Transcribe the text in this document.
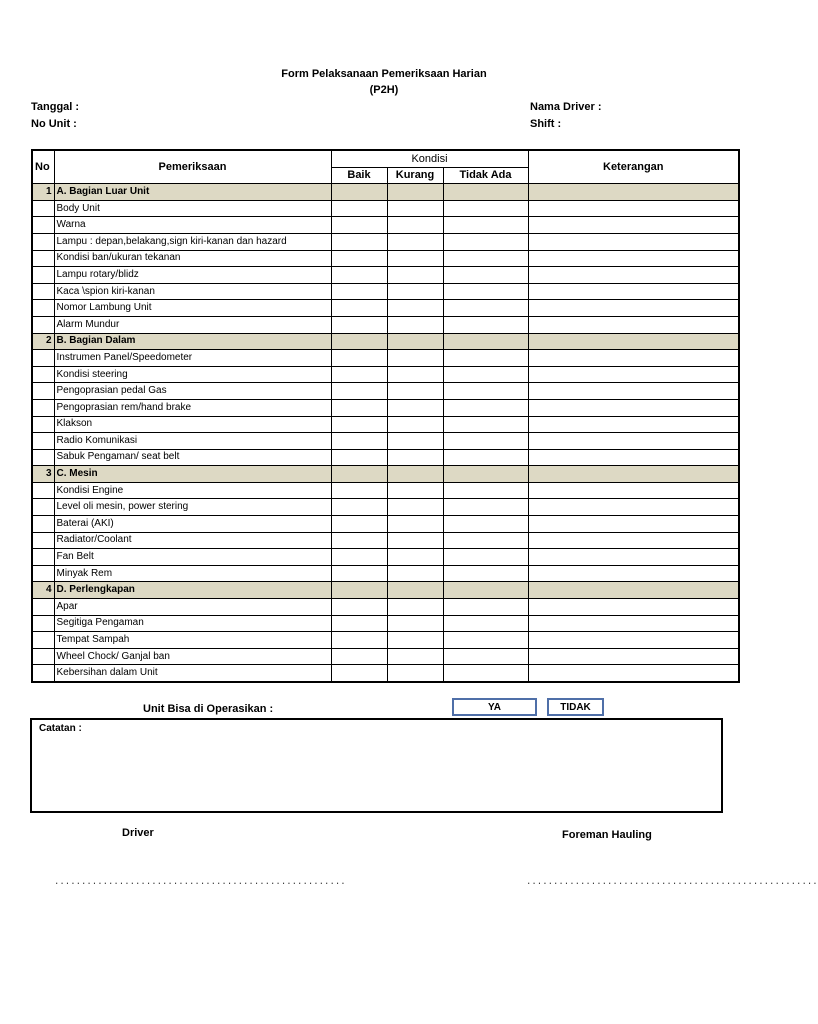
Form Pelaksanaan Pemeriksaan Harian
(P2H)
Tanggal :
No Unit :
Nama Driver :
Shift :
No	Pemeriksaan	Kondisi			Keterangan
		Baik	Kurang	Tidak Ada	
1	A. Bagian Luar Unit				
	Body Unit				
	Warna				
	Lampu : depan,belakang,sign kiri-kanan dan hazard				
	Kondisi ban/ukuran tekanan				
	Lampu rotary/blidz				
	Kaca \spion kiri-kanan				
	Nomor Lambung Unit				
	Alarm Mundur				
2	B. Bagian Dalam				
	Instrumen Panel/Speedometer				
	Kondisi steering				
	Pengoprasian pedal Gas				
	Pengoprasian rem/hand brake				
	Klakson				
	Radio Komunikasi				
	Sabuk Pengaman/ seat belt				
3	C. Mesin				
	Kondisi Engine				
	Level oli mesin, power stering				
	Baterai (AKI)				
	Radiator/Coolant				
	Fan Belt				
	Minyak Rem				
4	D. Perlengkapan				
	Apar				
	Segitiga Pengaman				
	Tempat Sampah				
	Wheel Chock/ Ganjal ban				
	Kebersihan dalam Unit				
Unit Bisa di Operasikan :	YA	TIDAK
Catatan :
Driver	Foreman Hauling
......................................................	......................................................
